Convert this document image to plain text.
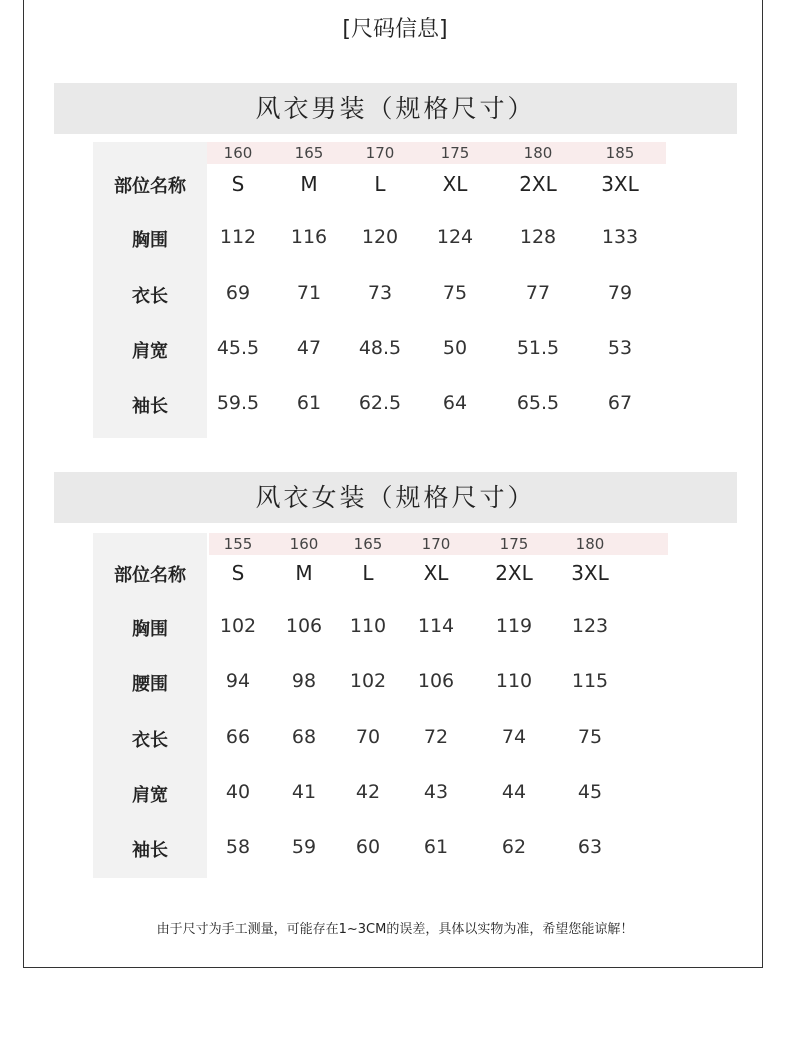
[尺码信息]
风衣男装（规格尺寸）
部位名称
160	165	170	175	180	185
S	M	L	XL	2XL	3XL
胸围	112	116	120	124	128	133
衣长	69	71	73	75	77	79
肩宽	45.5	47	48.5	50	51.5	53
袖长	59.5	61	62.5	64	65.5	67
风衣女装（规格尺寸）
部位名称
155	160	165	170	175	180
S	M	L	XL	2XL	3XL
胸围	102	106	110	114	119	123
腰围	94	98	102	106	110	115
衣长	66	68	70	72	74	75
肩宽	40	41	42	43	44	45
袖长	58	59	60	61	62	63
由于尺寸为手工测量，可能存在1~3CM的误差，具体以实物为准，希望您能谅解！
